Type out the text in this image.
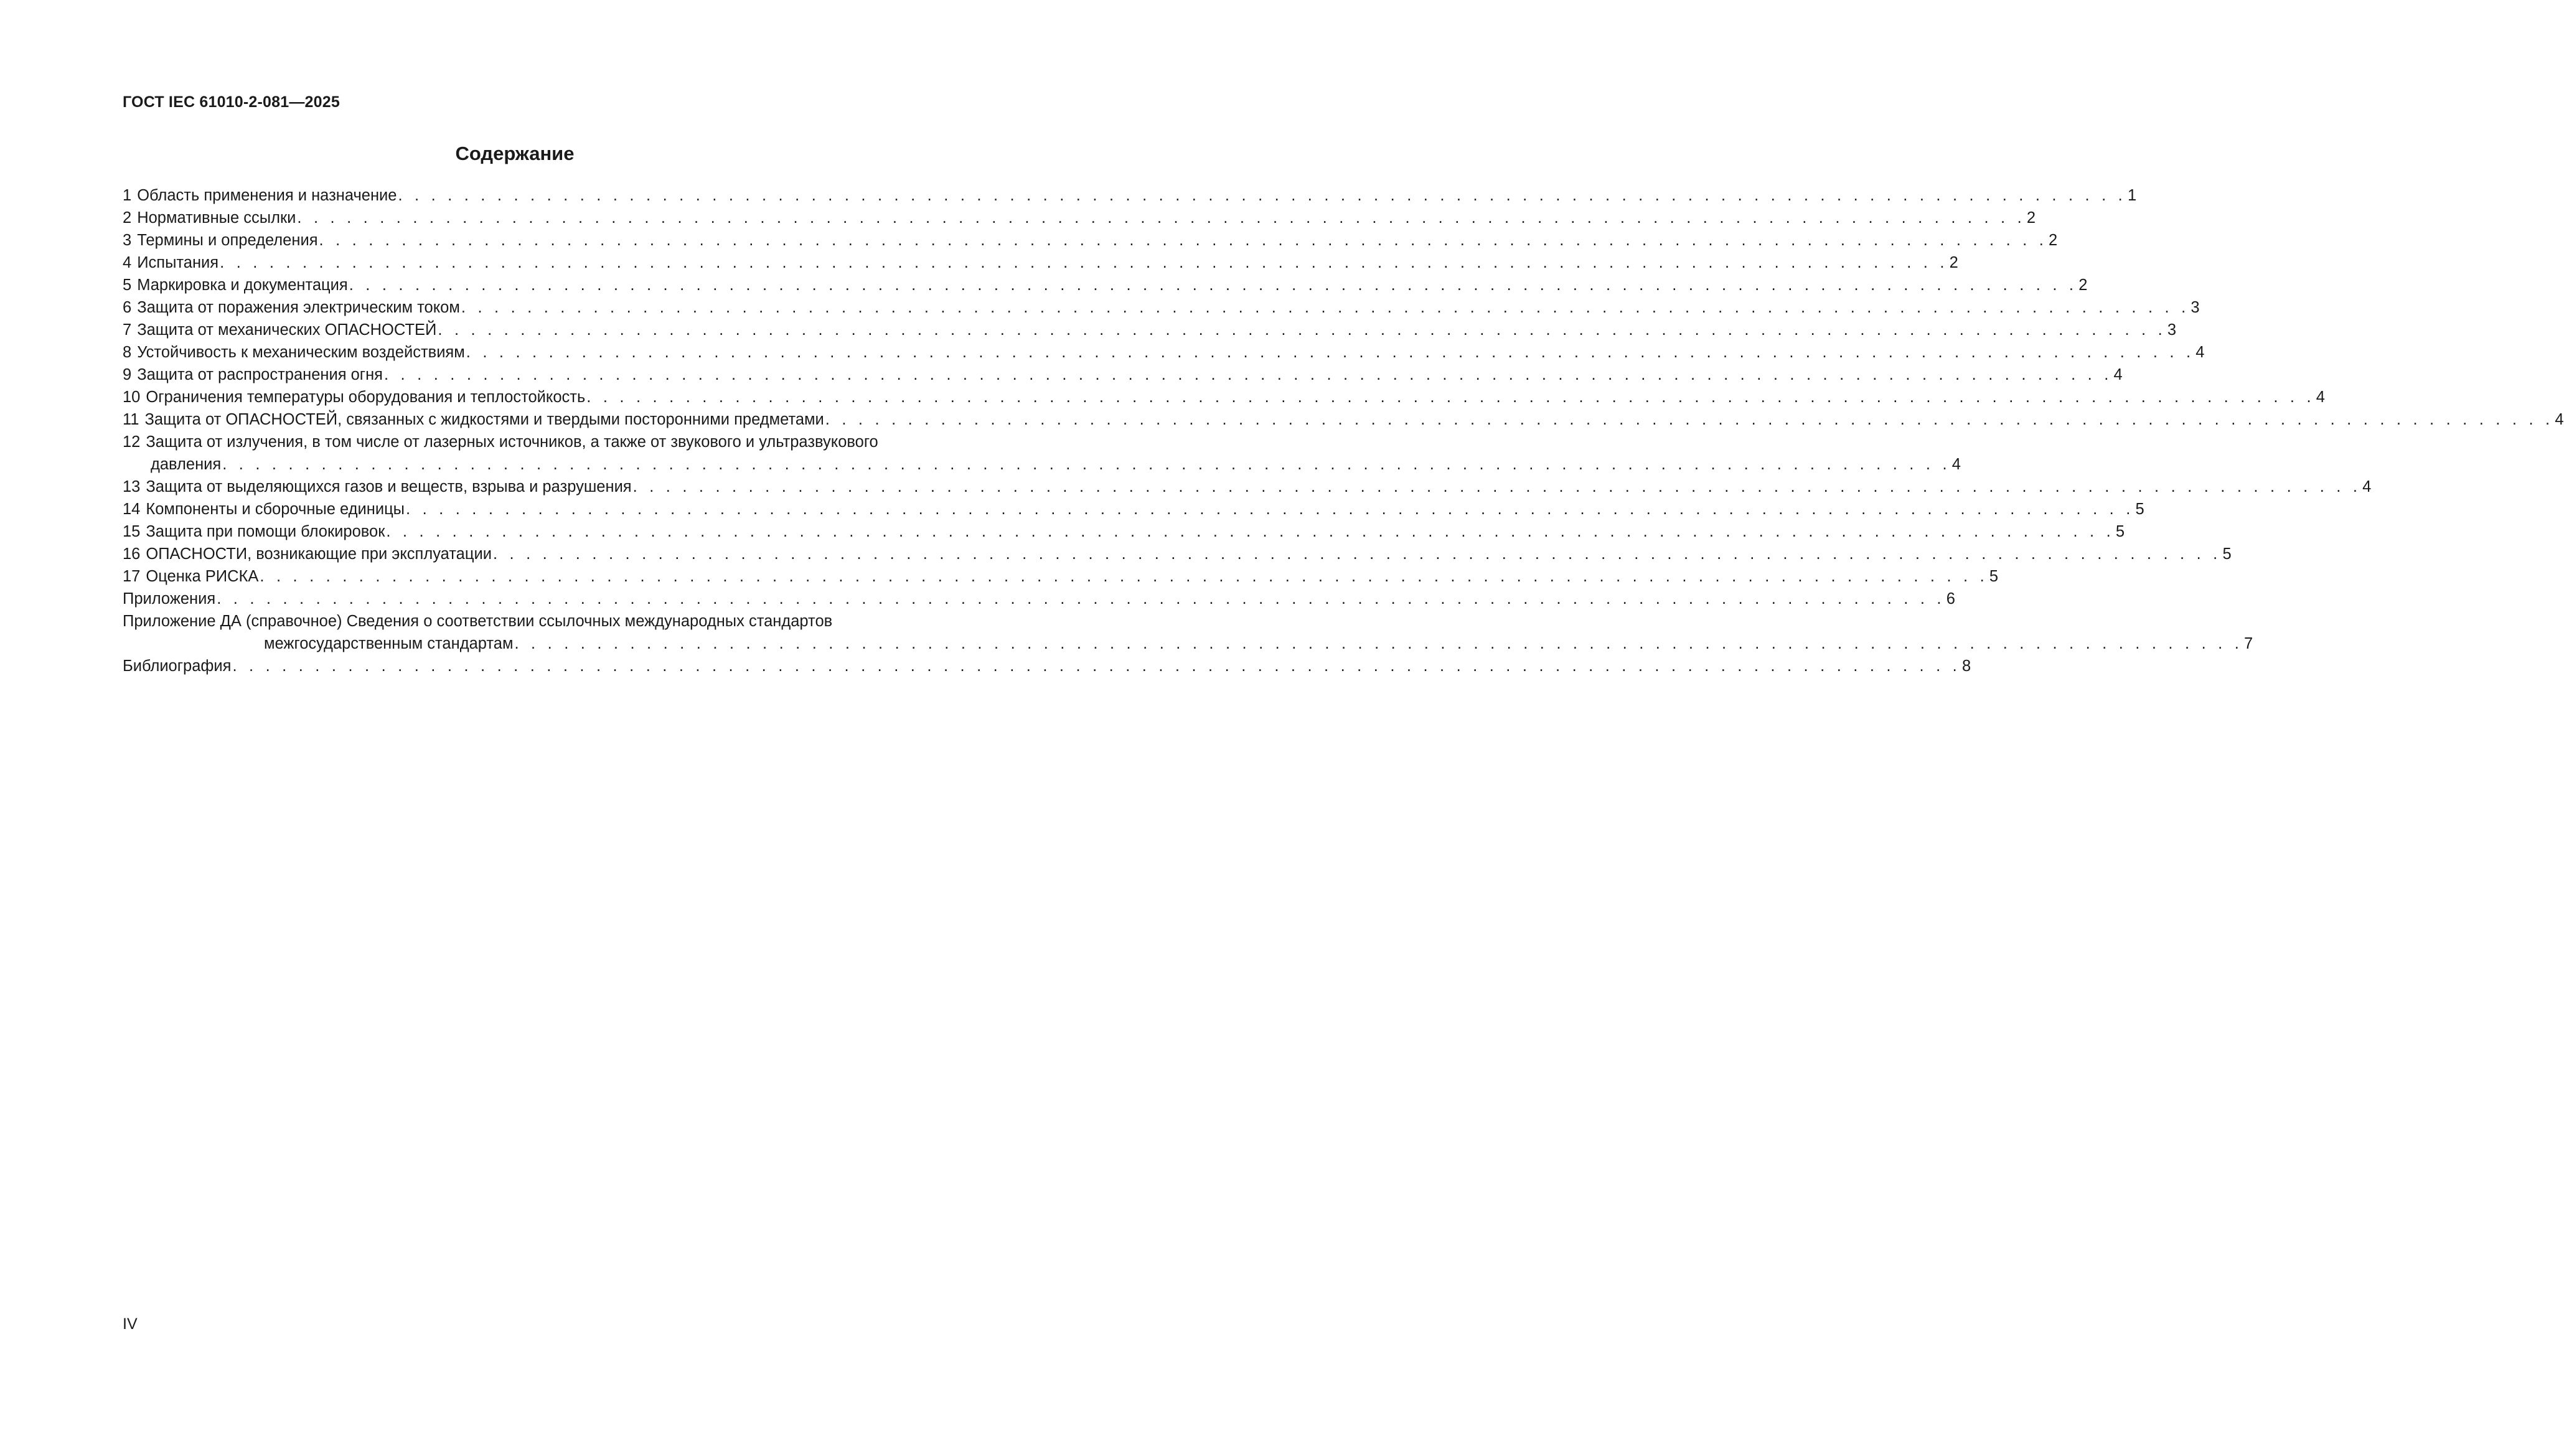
ГОСТ IEC 61010-2-081—2025
Содержание
1 Область применения и назначение . . . . . . . . . . . . . . . . . . . . . . . . . . . . . . . . . . . . . . . . . . . . . . . . . . . . . . . . . . . . . . . . . . . . . . . . . . . . . . . . . . . . . . . . . . . . . . . . . . . . . . . . . 1
2 Нормативные ссылки . . . . . . . . . . . . . . . . . . . . . . . . . . . . . . . . . . . . . . . . . . . . . . . . . . . . . . . . . . . . . . . . . . . . . . . . . . . . . . . . . . . . . . . . . . . . . . . . . . . . . . . . . 2
3 Термины и определения . . . . . . . . . . . . . . . . . . . . . . . . . . . . . . . . . . . . . . . . . . . . . . . . . . . . . . . . . . . . . . . . . . . . . . . . . . . . . . . . . . . . . . . . . . . . . . . . . . . . . . . . . 2
4 Испытания . . . . . . . . . . . . . . . . . . . . . . . . . . . . . . . . . . . . . . . . . . . . . . . . . . . . . . . . . . . . . . . . . . . . . . . . . . . . . . . . . . . . . . . . . . . . . . . . . . . . . . . . . 2
5 Маркировка и документация . . . . . . . . . . . . . . . . . . . . . . . . . . . . . . . . . . . . . . . . . . . . . . . . . . . . . . . . . . . . . . . . . . . . . . . . . . . . . . . . . . . . . . . . . . . . . . . . . . . . . . . . . 2
6 Защита от поражения электрическим током . . . . . . . . . . . . . . . . . . . . . . . . . . . . . . . . . . . . . . . . . . . . . . . . . . . . . . . . . . . . . . . . . . . . . . . . . . . . . . . . . . . . . . . . . . . . . . . . . . . . . . . . . 3
7 Защита от механических ОПАСНОСТЕЙ . . . . . . . . . . . . . . . . . . . . . . . . . . . . . . . . . . . . . . . . . . . . . . . . . . . . . . . . . . . . . . . . . . . . . . . . . . . . . . . . . . . . . . . . . . . . . . . . . . . . . . . . . 3
8 Устойчивость к механическим воздействиям . . . . . . . . . . . . . . . . . . . . . . . . . . . . . . . . . . . . . . . . . . . . . . . . . . . . . . . . . . . . . . . . . . . . . . . . . . . . . . . . . . . . . . . . . . . . . . . . . . . . . . . . . 4
9 Защита от распространения огня . . . . . . . . . . . . . . . . . . . . . . . . . . . . . . . . . . . . . . . . . . . . . . . . . . . . . . . . . . . . . . . . . . . . . . . . . . . . . . . . . . . . . . . . . . . . . . . . . . . . . . . . . 4
10 Ограничения температуры оборудования и теплостойкость . . . . . . . . . . . . . . . . . . . . . . . . . . . . . . . . . . . . . . . . . . . . . . . . . . . . . . . . . . . . . . . . . . . . . . . . . . . . . . . . . . . . . . . . . . . . . . . . . . . . . . . . . 4
11 Защита от ОПАСНОСТЕЙ, связанных с жидкостями и твердыми посторонними предметами . . . . . . . . . . . . . . . . . . . . . . . . . . . . . . . . . . . . . . . . . . . . . . . . . . . . . . . . . . . . . . . . . . . . . . . . . . . . . . . . . . . . . . . . . . . . . . . . . . . . . . . . . 4
12 Защита от излучения, в том числе от лазерных источников, а также от звукового и ультразвукового
давления . . . . . . . . . . . . . . . . . . . . . . . . . . . . . . . . . . . . . . . . . . . . . . . . . . . . . . . . . . . . . . . . . . . . . . . . . . . . . . . . . . . . . . . . . . . . . . . . . . . . . . . . . 4
13 Защита от выделяющихся газов и веществ, взрыва и разрушения . . . . . . . . . . . . . . . . . . . . . . . . . . . . . . . . . . . . . . . . . . . . . . . . . . . . . . . . . . . . . . . . . . . . . . . . . . . . . . . . . . . . . . . . . . . . . . . . . . . . . . . . . 4
14 Компоненты и сборочные единицы . . . . . . . . . . . . . . . . . . . . . . . . . . . . . . . . . . . . . . . . . . . . . . . . . . . . . . . . . . . . . . . . . . . . . . . . . . . . . . . . . . . . . . . . . . . . . . . . . . . . . . . . . 5
15 Защита при помощи блокировок . . . . . . . . . . . . . . . . . . . . . . . . . . . . . . . . . . . . . . . . . . . . . . . . . . . . . . . . . . . . . . . . . . . . . . . . . . . . . . . . . . . . . . . . . . . . . . . . . . . . . . . . . 5
16 ОПАСНОСТИ, возникающие при эксплуатации . . . . . . . . . . . . . . . . . . . . . . . . . . . . . . . . . . . . . . . . . . . . . . . . . . . . . . . . . . . . . . . . . . . . . . . . . . . . . . . . . . . . . . . . . . . . . . . . . . . . . . . . . 5
17 Оценка РИСКА . . . . . . . . . . . . . . . . . . . . . . . . . . . . . . . . . . . . . . . . . . . . . . . . . . . . . . . . . . . . . . . . . . . . . . . . . . . . . . . . . . . . . . . . . . . . . . . . . . . . . . . . . 5
Приложения . . . . . . . . . . . . . . . . . . . . . . . . . . . . . . . . . . . . . . . . . . . . . . . . . . . . . . . . . . . . . . . . . . . . . . . . . . . . . . . . . . . . . . . . . . . . . . . . . . . . . . . . . 6
Приложение ДА (справочное) Сведения о соответствии ссылочных международных стандартов
межгосударственным стандартам . . . . . . . . . . . . . . . . . . . . . . . . . . . . . . . . . . . . . . . . . . . . . . . . . . . . . . . . . . . . . . . . . . . . . . . . . . . . . . . . . . . . . . . . . . . . . . . . . . . . . . . . . 7
Библиография . . . . . . . . . . . . . . . . . . . . . . . . . . . . . . . . . . . . . . . . . . . . . . . . . . . . . . . . . . . . . . . . . . . . . . . . . . . . . . . . . . . . . . . . . . . . . . . . . . . . . . . . . 8
IV
